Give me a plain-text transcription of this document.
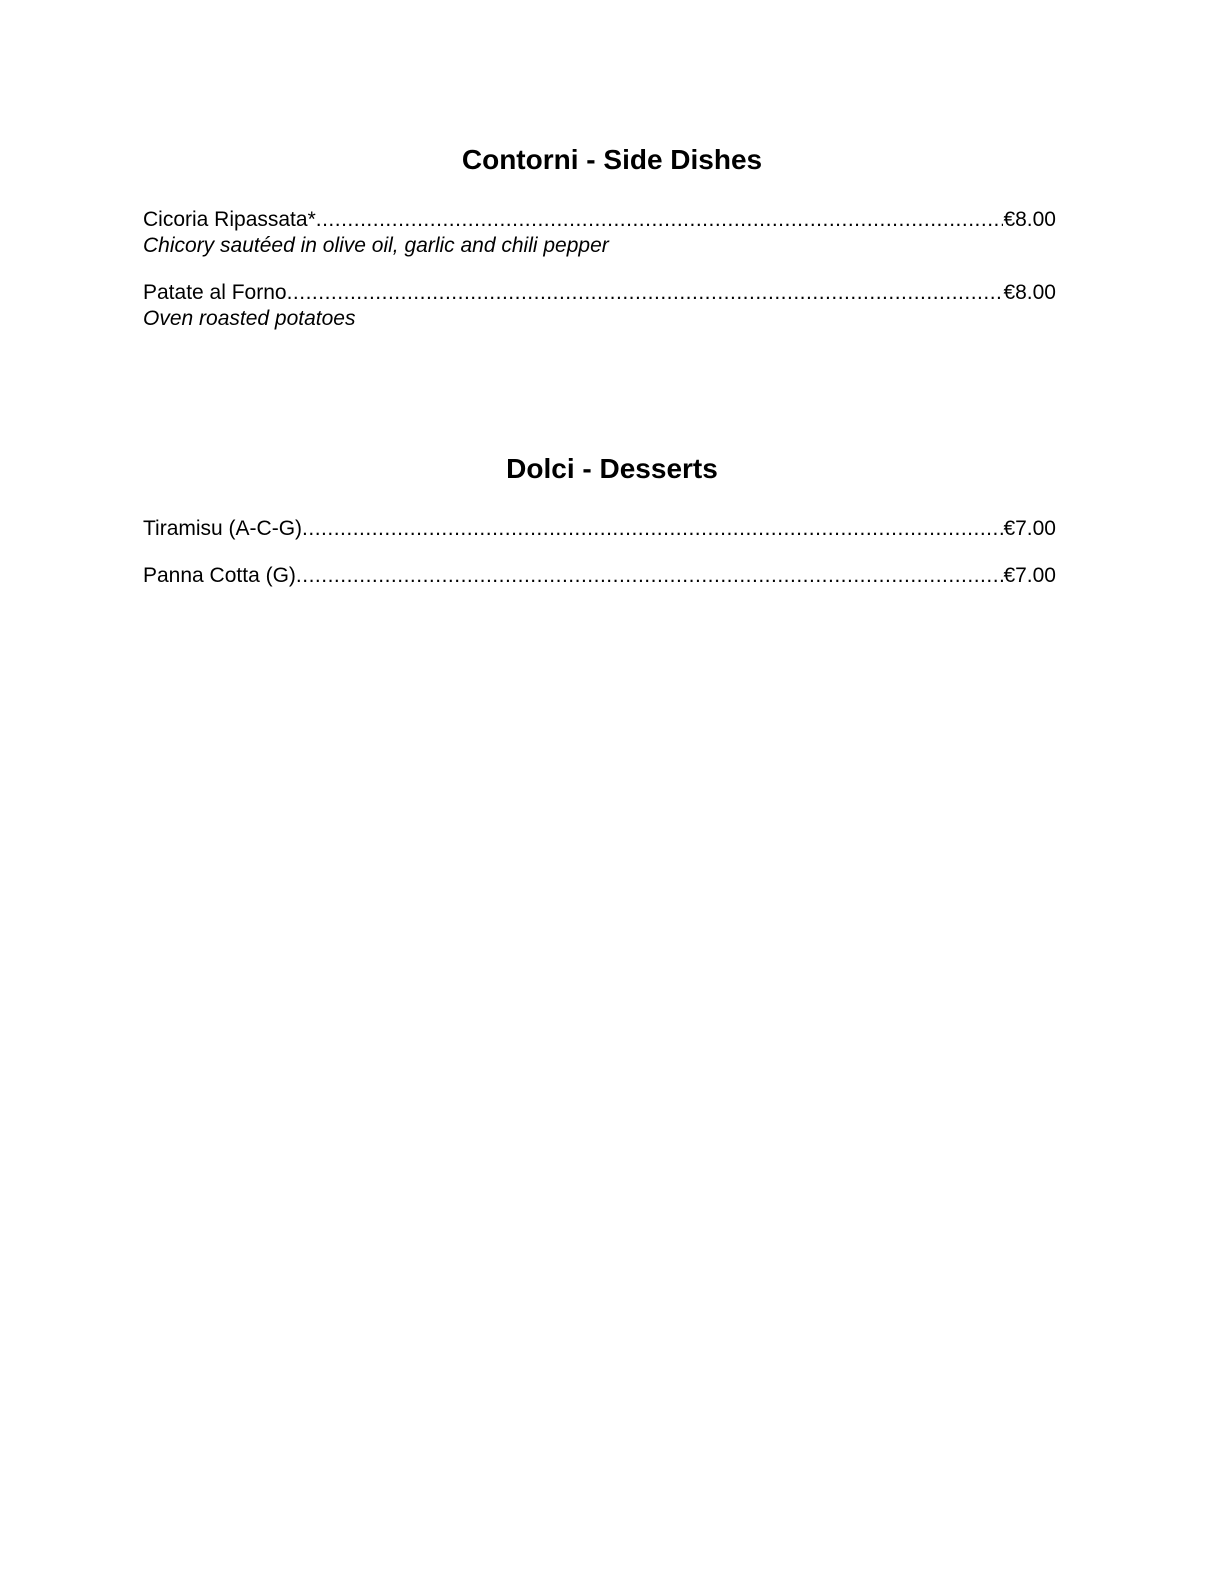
Contorni - Side Dishes
Cicoria Ripassata* .....	€8.00
Chicory sautéed in olive oil, garlic and chili pepper
Patate al Forno .....	€8.00
Oven roasted potatoes
Dolci - Desserts
Tiramisu (A-C-G) .....	€7.00
Panna Cotta (G) .....	€7.00
